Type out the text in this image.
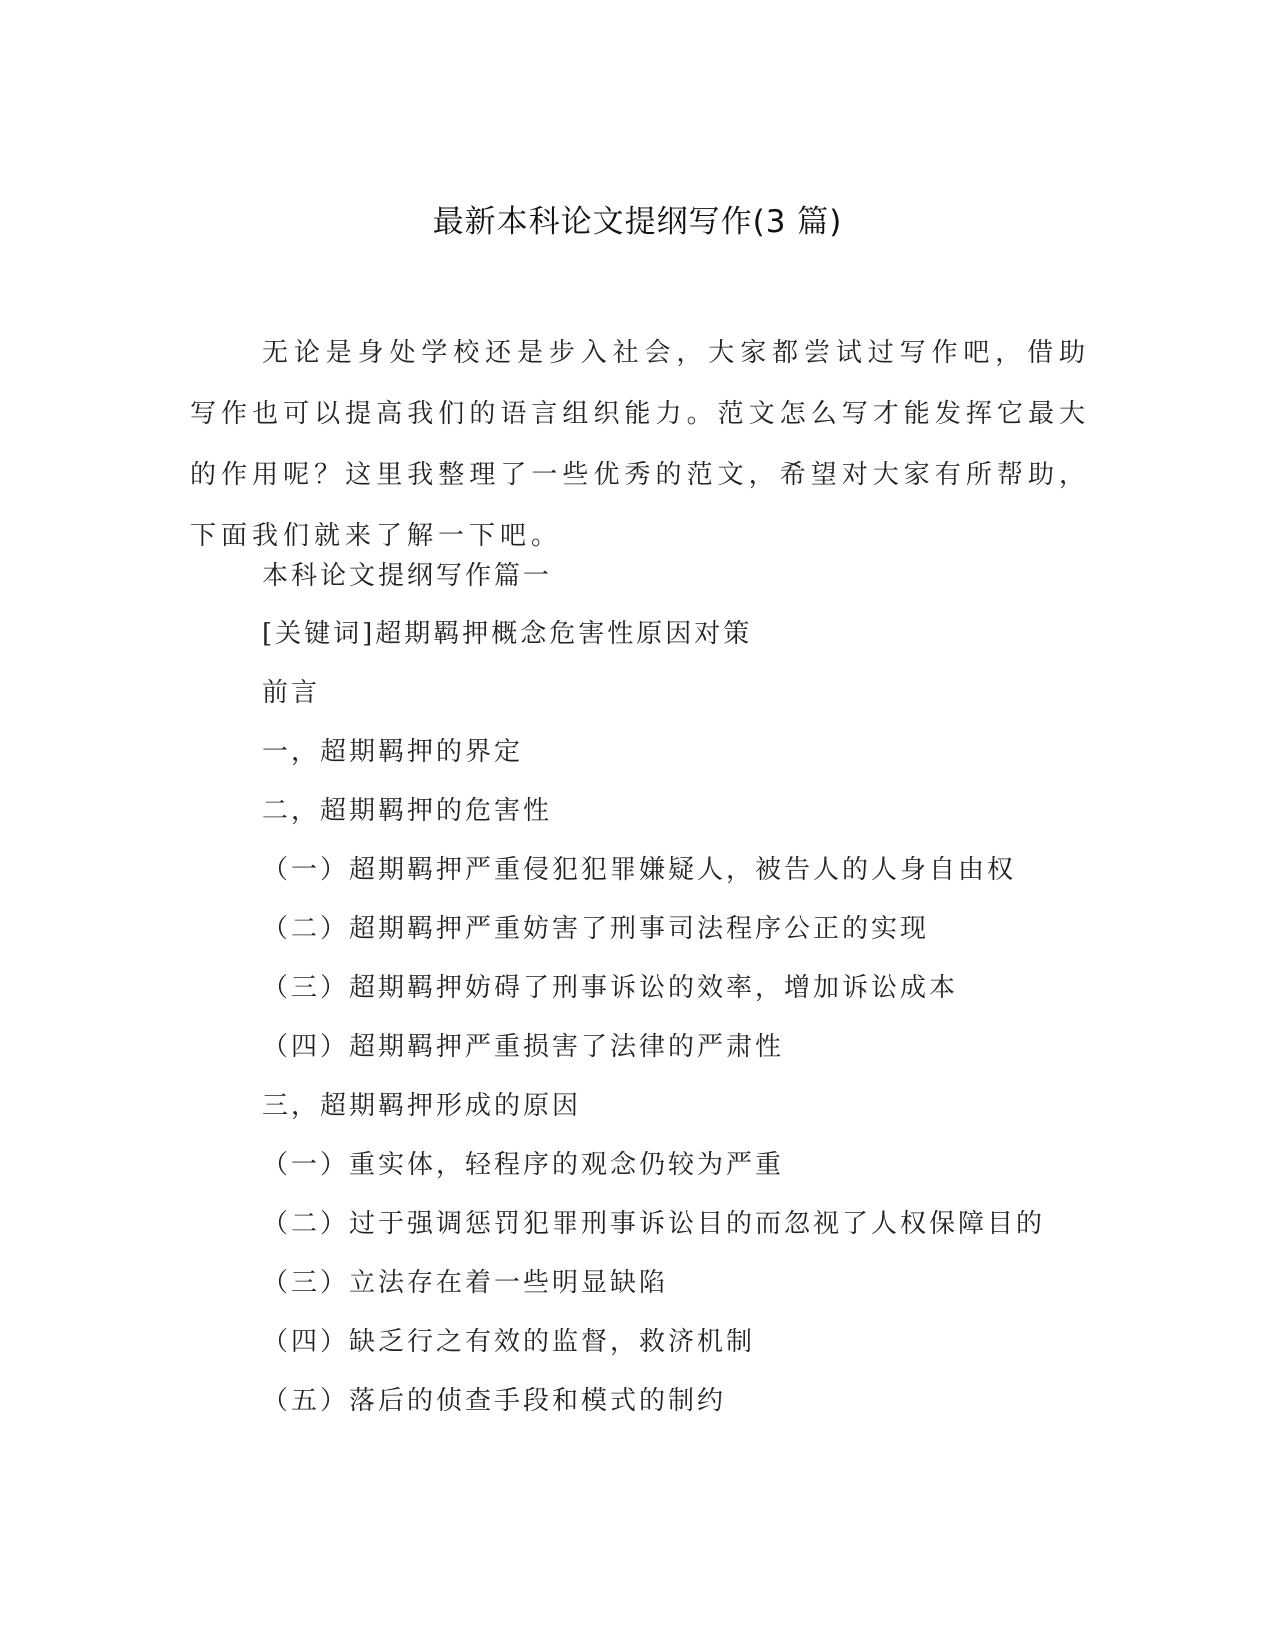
最新本科论文提纲写作(3 篇)

无论是身处学校还是步入社会，大家都尝试过写作吧，借助写作也可以提高我们的语言组织能力。范文怎么写才能发挥它最大的作用呢？这里我整理了一些优秀的范文，希望对大家有所帮助，下面我们就来了解一下吧。

本科论文提纲写作篇一

[关键词]超期羁押概念危害性原因对策

前言

一，超期羁押的界定

二，超期羁押的危害性

（一）超期羁押严重侵犯犯罪嫌疑人，被告人的人身自由权

（二）超期羁押严重妨害了刑事司法程序公正的实现

（三）超期羁押妨碍了刑事诉讼的效率，增加诉讼成本

（四）超期羁押严重损害了法律的严肃性

三，超期羁押形成的原因

（一）重实体，轻程序的观念仍较为严重

（二）过于强调惩罚犯罪刑事诉讼目的而忽视了人权保障目的

（三）立法存在着一些明显缺陷

（四）缺乏行之有效的监督，救济机制

（五）落后的侦查手段和模式的制约
